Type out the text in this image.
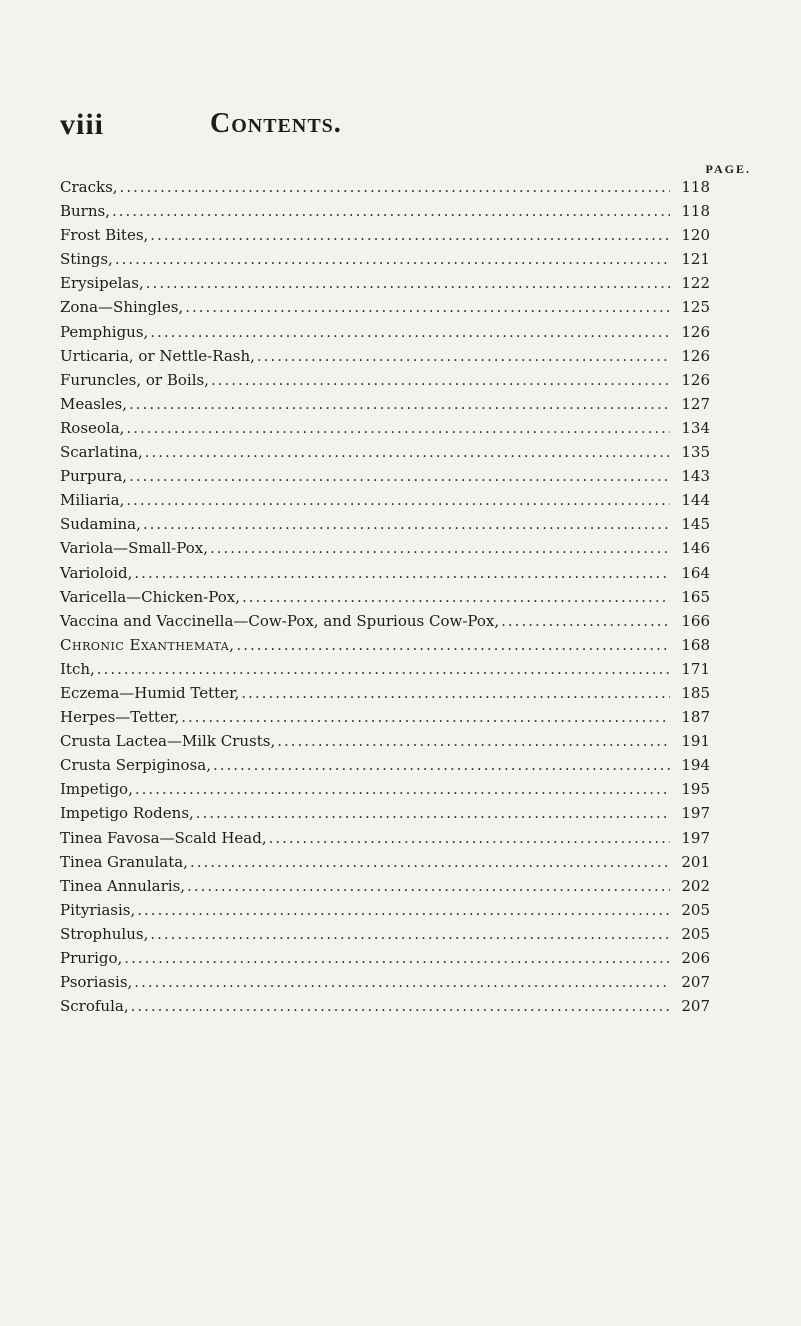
viii	Contents.
PAGE.
Cracks, .....	118
Burns, .....	118
Frost Bites, .....	120
Stings, .....	121
Erysipelas, .....	122
Zona—Shingles, .....	125
Pemphigus, .....	126
Urticaria, or Nettle-Rash, .....	126
Furuncles, or Boils, .....	126
Measles, .....	127
Roseola, .....	134
Scarlatina, .....	135
Purpura, .....	143
Miliaria, .....	144
Sudamina, .....	145
Variola—Small-Pox, .....	146
Varioloid, .....	164
Varicella—Chicken-Pox, .....	165
Vaccina and Vaccinella—Cow-Pox, and Spurious Cow-Pox, .....	166
Chronic Exanthemata, .....	168
Itch, .....	171
Eczema—Humid Tetter, .....	185
Herpes—Tetter, .....	187
Crusta Lactea—Milk Crusts, .....	191
Crusta Serpiginosa, .....	194
Impetigo, .....	195
Impetigo Rodens, .....	197
Tinea Favosa—Scald Head, .....	197
Tinea Granulata, .....	201
Tinea Annularis, .....	202
Pityriasis, .....	205
Strophulus, .....	205
Prurigo, .....	206
Psoriasis, .....	207
Scrofula, .....	207
